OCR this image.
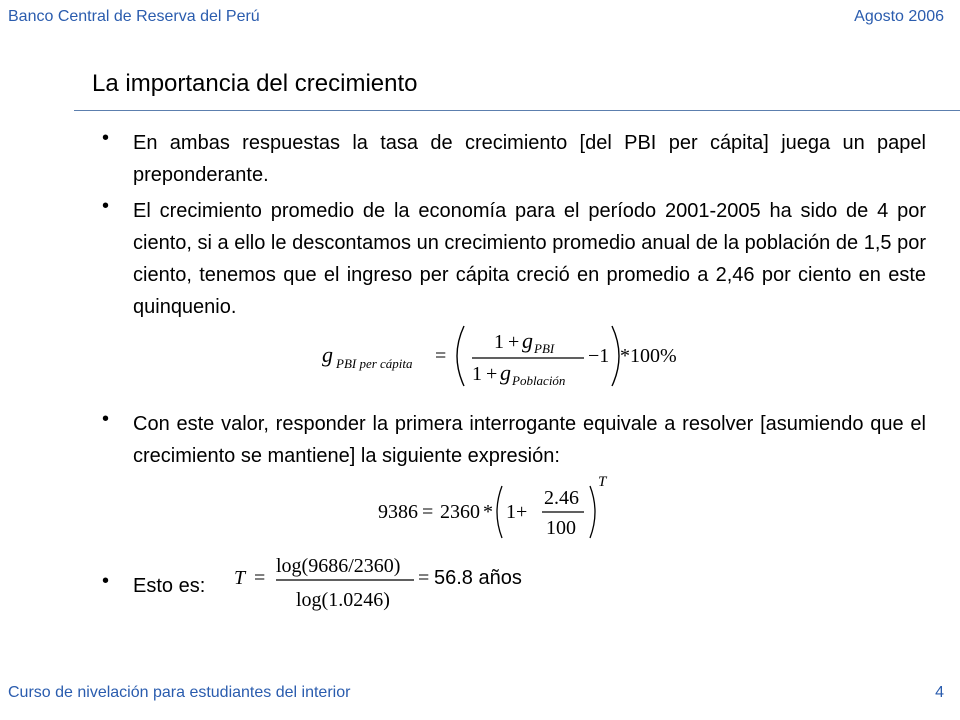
Banco Central de Reserva del Perú	Agosto 2006
La importancia del crecimiento
• En ambas respuestas la tasa de crecimiento [del PBI per cápita] juega un papel preponderante.
• El crecimiento promedio de la economía para el período 2001-2005 ha sido de 4 por ciento, si a ello le descontamos un crecimiento promedio anual de la población de 1,5 por ciento, tenemos que el ingreso per cápita creció en promedio a 2,46 por ciento en este quinquenio.
g PBI per cápita =
1 + g PBI
1 + g Población
−1 *100%
• Con este valor, responder la primera interrogante equivale a resolver [asumiendo que el crecimiento se mantiene] la siguiente expresión:
9386 = 2360 * 1+
2.46
100
T
• Esto es:	T =
log(9686/2360)
log(1.0246)
= 56.8 años
Curso de nivelación para estudiantes del interior	4
